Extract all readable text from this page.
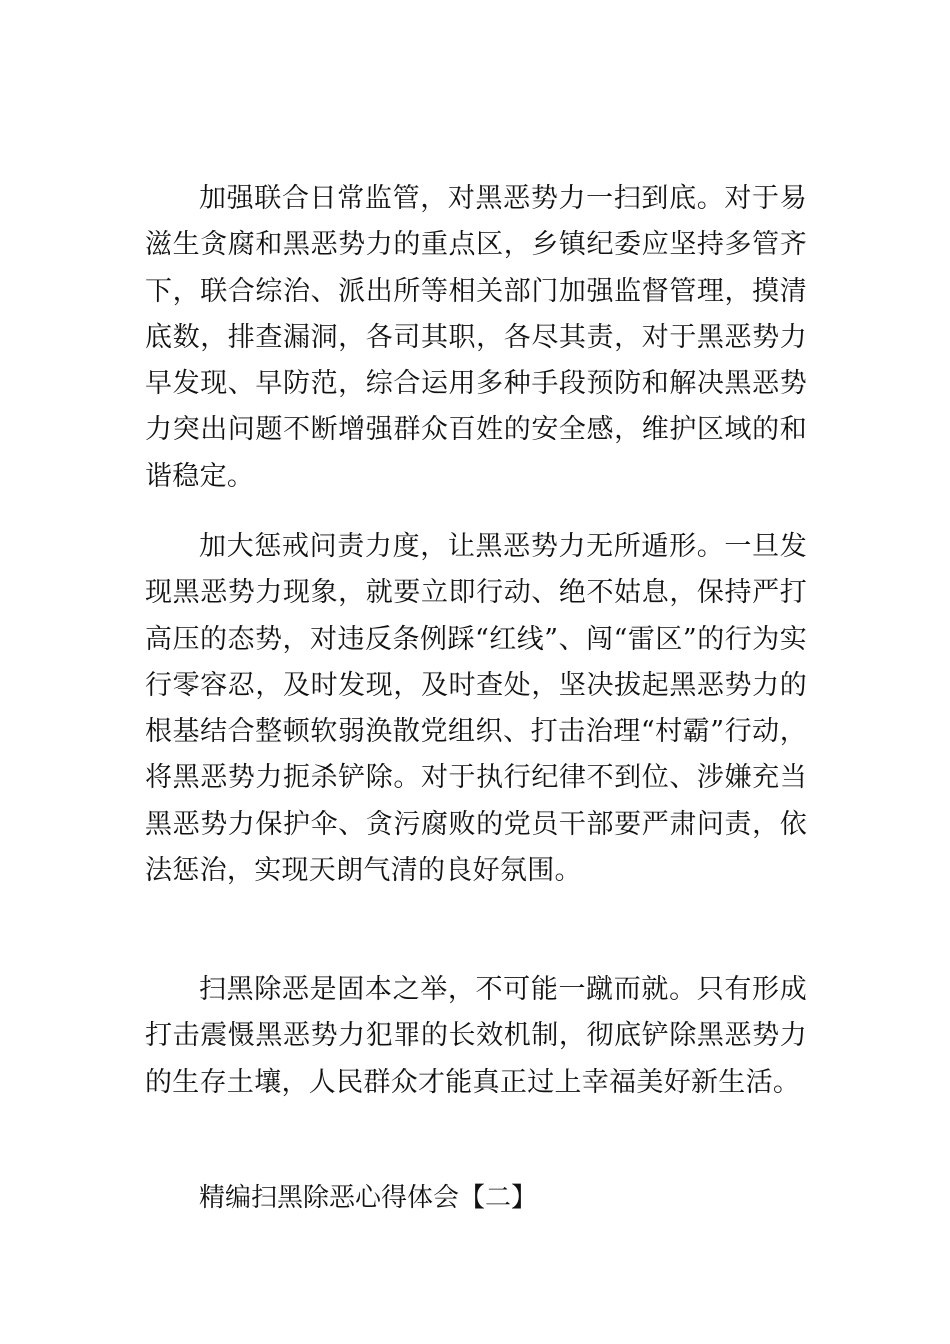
加强联合日常监管，对黑恶势力一扫到底。对于易滋生贪腐和黑恶势力的重点区，乡镇纪委应坚持多管齐下，联合综治、派出所等相关部门加强监督管理，摸清底数，排查漏洞，各司其职，各尽其责，对于黑恶势力早发现、早防范，综合运用多种手段预防和解决黑恶势力突出问题不断增强群众百姓的安全感，维护区域的和谐稳定。

加大惩戒问责力度，让黑恶势力无所遁形。一旦发现黑恶势力现象，就要立即行动、绝不姑息，保持严打高压的态势，对违反条例踩“红线”、闯“雷区”的行为实行零容忍，及时发现，及时查处，坚决拔起黑恶势力的根基结合整顿软弱涣散党组织、打击治理“村霸”行动，将黑恶势力扼杀铲除。对于执行纪律不到位、涉嫌充当黑恶势力保护伞、贪污腐败的党员干部要严肃问责，依法惩治，实现天朗气清的良好氛围。

扫黑除恶是固本之举，不可能一蹴而就。只有形成打击震慑黑恶势力犯罪的长效机制，彻底铲除黑恶势力的生存土壤，人民群众才能真正过上幸福美好新生活。

精编扫黑除恶心得体会【二】
